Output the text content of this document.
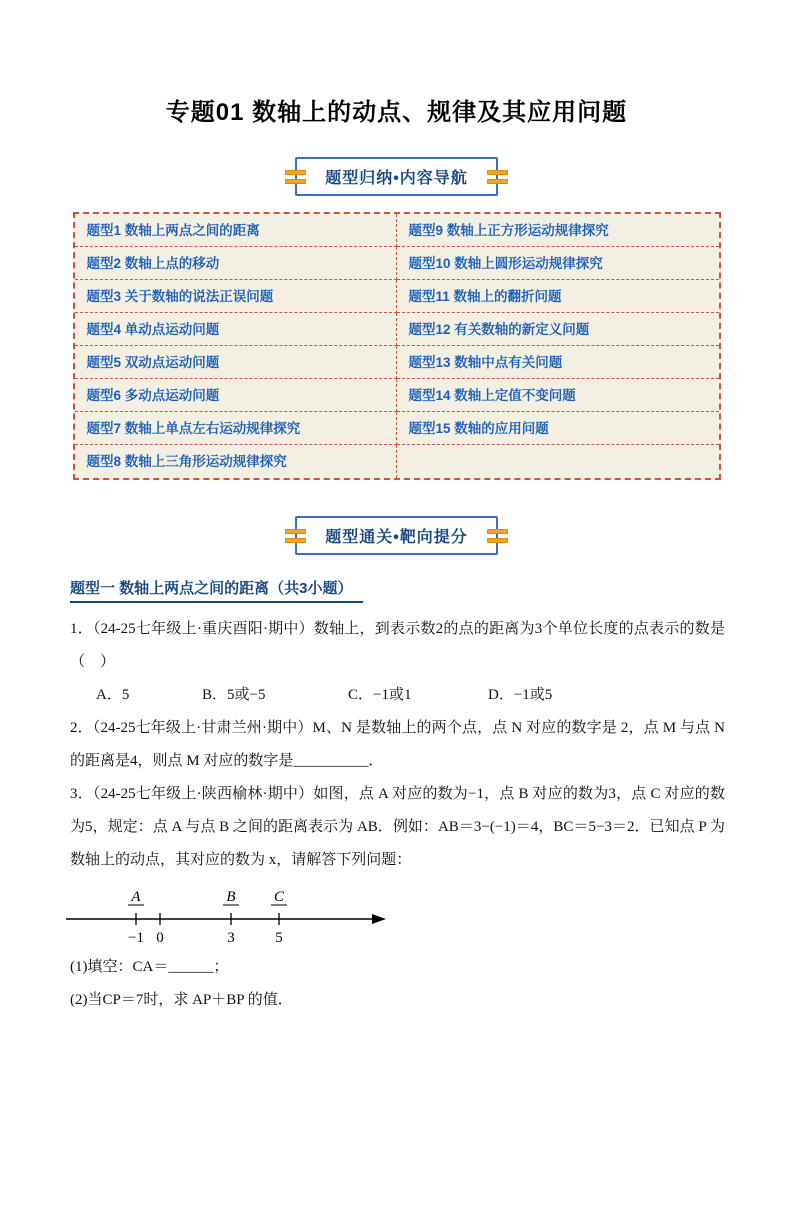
专题01 数轴上的动点、规律及其应用问题
题型归纳•内容导航
题型1 数轴上两点之间的距离	题型9 数轴上正方形运动规律探究
题型2 数轴上点的移动	题型10 数轴上圆形运动规律探究
题型3 关于数轴的说法正误问题	题型11 数轴上的翻折问题
题型4 单动点运动问题	题型12 有关数轴的新定义问题
题型5 双动点运动问题	题型13 数轴中点有关问题
题型6 多动点运动问题	题型14 数轴上定值不变问题
题型7 数轴上单点左右运动规律探究	题型15 数轴的应用问题
题型8 数轴上三角形运动规律探究
题型通关•靶向提分
题型一 数轴上两点之间的距离（共3小题）

1．（24-25七年级上·重庆酉阳·期中）数轴上，到表示数2的点的距离为3个单位长度的点表示的数是（　）

A．5	B．5或−5	C．−1或1	D．−1或5

2．（24-25七年级上·甘肃兰州·期中）M、N 是数轴上的两个点，点 N 对应的数字是 2，点 M 与点 N 的距离是4，则点 M 对应的数字是__________．

3．（24-25七年级上·陕西榆林·期中）如图，点 A 对应的数为−1，点 B 对应的数为3，点 C 对应的数为5，规定：点 A 与点 B 之间的距离表示为 AB．例如：AB＝3−(−1)＝4，BC＝5−3＝2．已知点 P 为数轴上的动点，其对应的数为 x，请解答下列问题：

A	B	C
−1 0	3	5

(1)填空：CA＝______；

(2)当CP＝7时，求 AP＋BP 的值．
